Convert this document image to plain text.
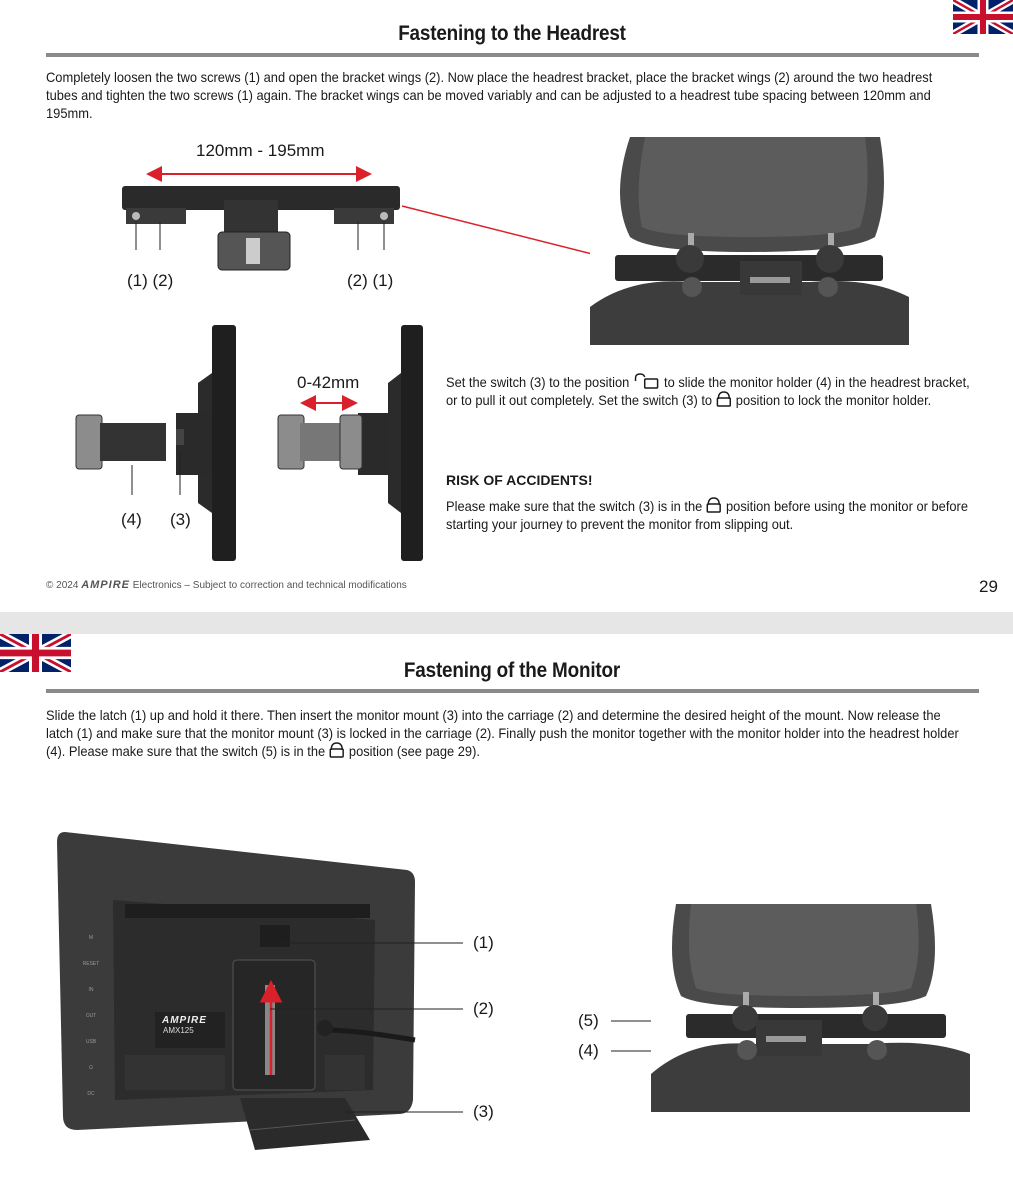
Fastening to the Headrest
Completely loosen the two screws (1) and open the bracket wings (2). Now place the headrest bracket, place the bracket wings (2) around the two headrest tubes and tighten the two screws (1) again. The bracket wings can be moved variably and can be adjusted to a headrest tube spacing between 120mm and 195mm.
120mm - 195mm
(1) (2)	(2) (1)
(4) (3)
0-42mm	Set the switch (3) to the position to slide the monitor holder (4) in the headrest bracket, or to pull it out completely. Set the switch (3) to position to lock the monitor holder.
RISK OF ACCIDENTS!
Please make sure that the switch (3) is in the position before using the monitor or before starting your journey to prevent the monitor from slipping out.
© 2024 AMPIRE Electronics – Subject to correction and technical modifications	29
Fastening of the Monitor
Slide the latch (1) up and hold it there. Then insert the monitor mount (3) into the carriage (2) and determine the desired height of the mount. Now release the latch (1) and make sure that the monitor mount (3) is locked in the carriage (2). Finally push the monitor together with the monitor holder into the headrest holder (4). Please make sure that the switch (5) is in the position (see page 29).
AMPIRE
AMX125
M
RESET
IN
OUT
USB
Ω
DC
(1)
(2)
(3)
(5)
(4)
